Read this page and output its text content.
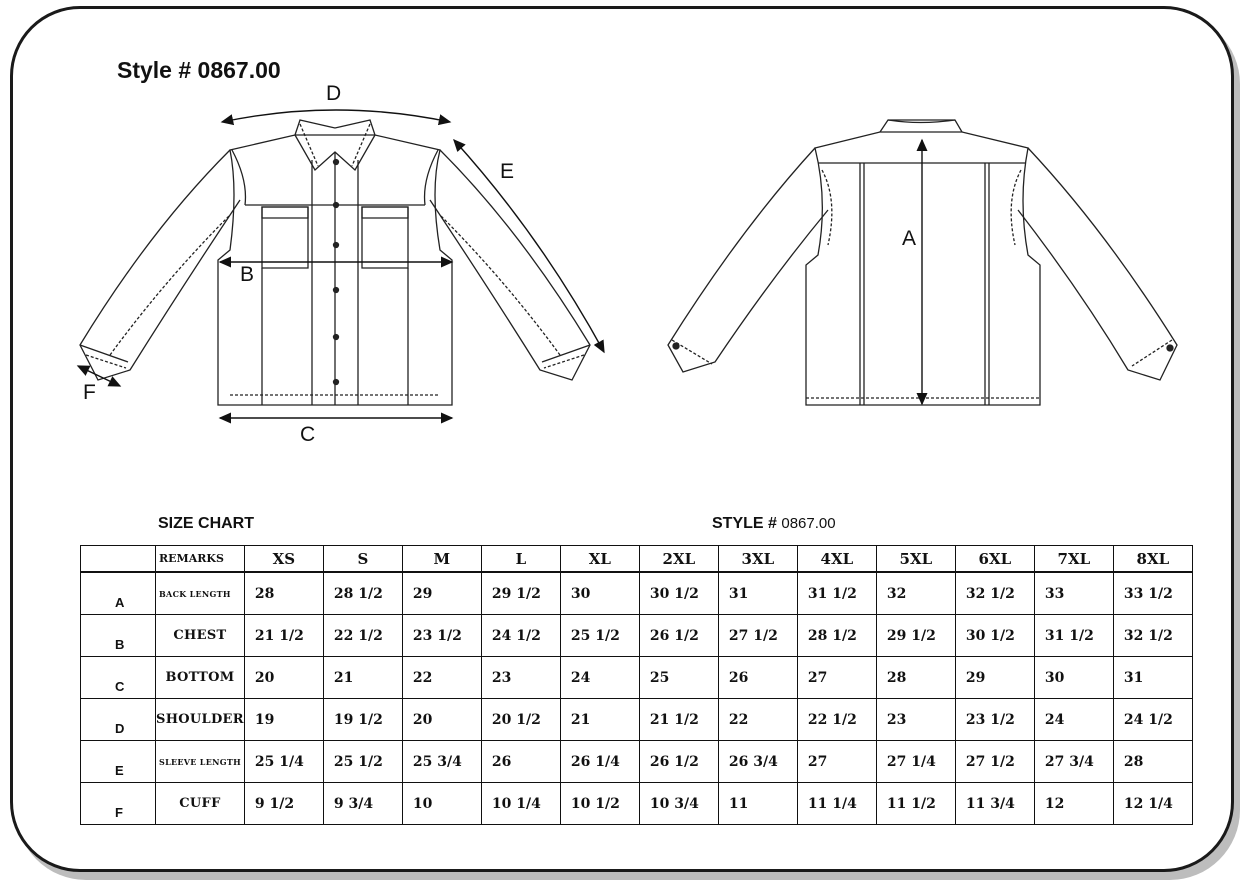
Style # 0867.00
D
E
B
C
F
A
SIZE CHART	STYLE # 0867.00
	REMARKS	XS	S	M	L	XL	2XL	3XL	4XL	5XL	6XL	7XL	8XL
A	BACK LENGTH	28	28 1/2	29	29 1/2	30	30 1/2	31	31 1/2	32	32 1/2	33	33 1/2
B	CHEST	21 1/2	22 1/2	23 1/2	24 1/2	25 1/2	26 1/2	27 1/2	28 1/2	29 1/2	30 1/2	31 1/2	32 1/2
C	BOTTOM	20	21	22	23	24	25	26	27	28	29	30	31
D	SHOULDER	19	19 1/2	20	20 1/2	21	21 1/2	22	22 1/2	23	23 1/2	24	24 1/2
E	SLEEVE LENGTH	25 1/4	25 1/2	25 3/4	26	26 1/4	26 1/2	26 3/4	27	27 1/4	27 1/2	27 3/4	28
F	CUFF	9 1/2	9 3/4	10	10 1/4	10 1/2	10 3/4	11	11 1/4	11 1/2	11 3/4	12	12 1/4
